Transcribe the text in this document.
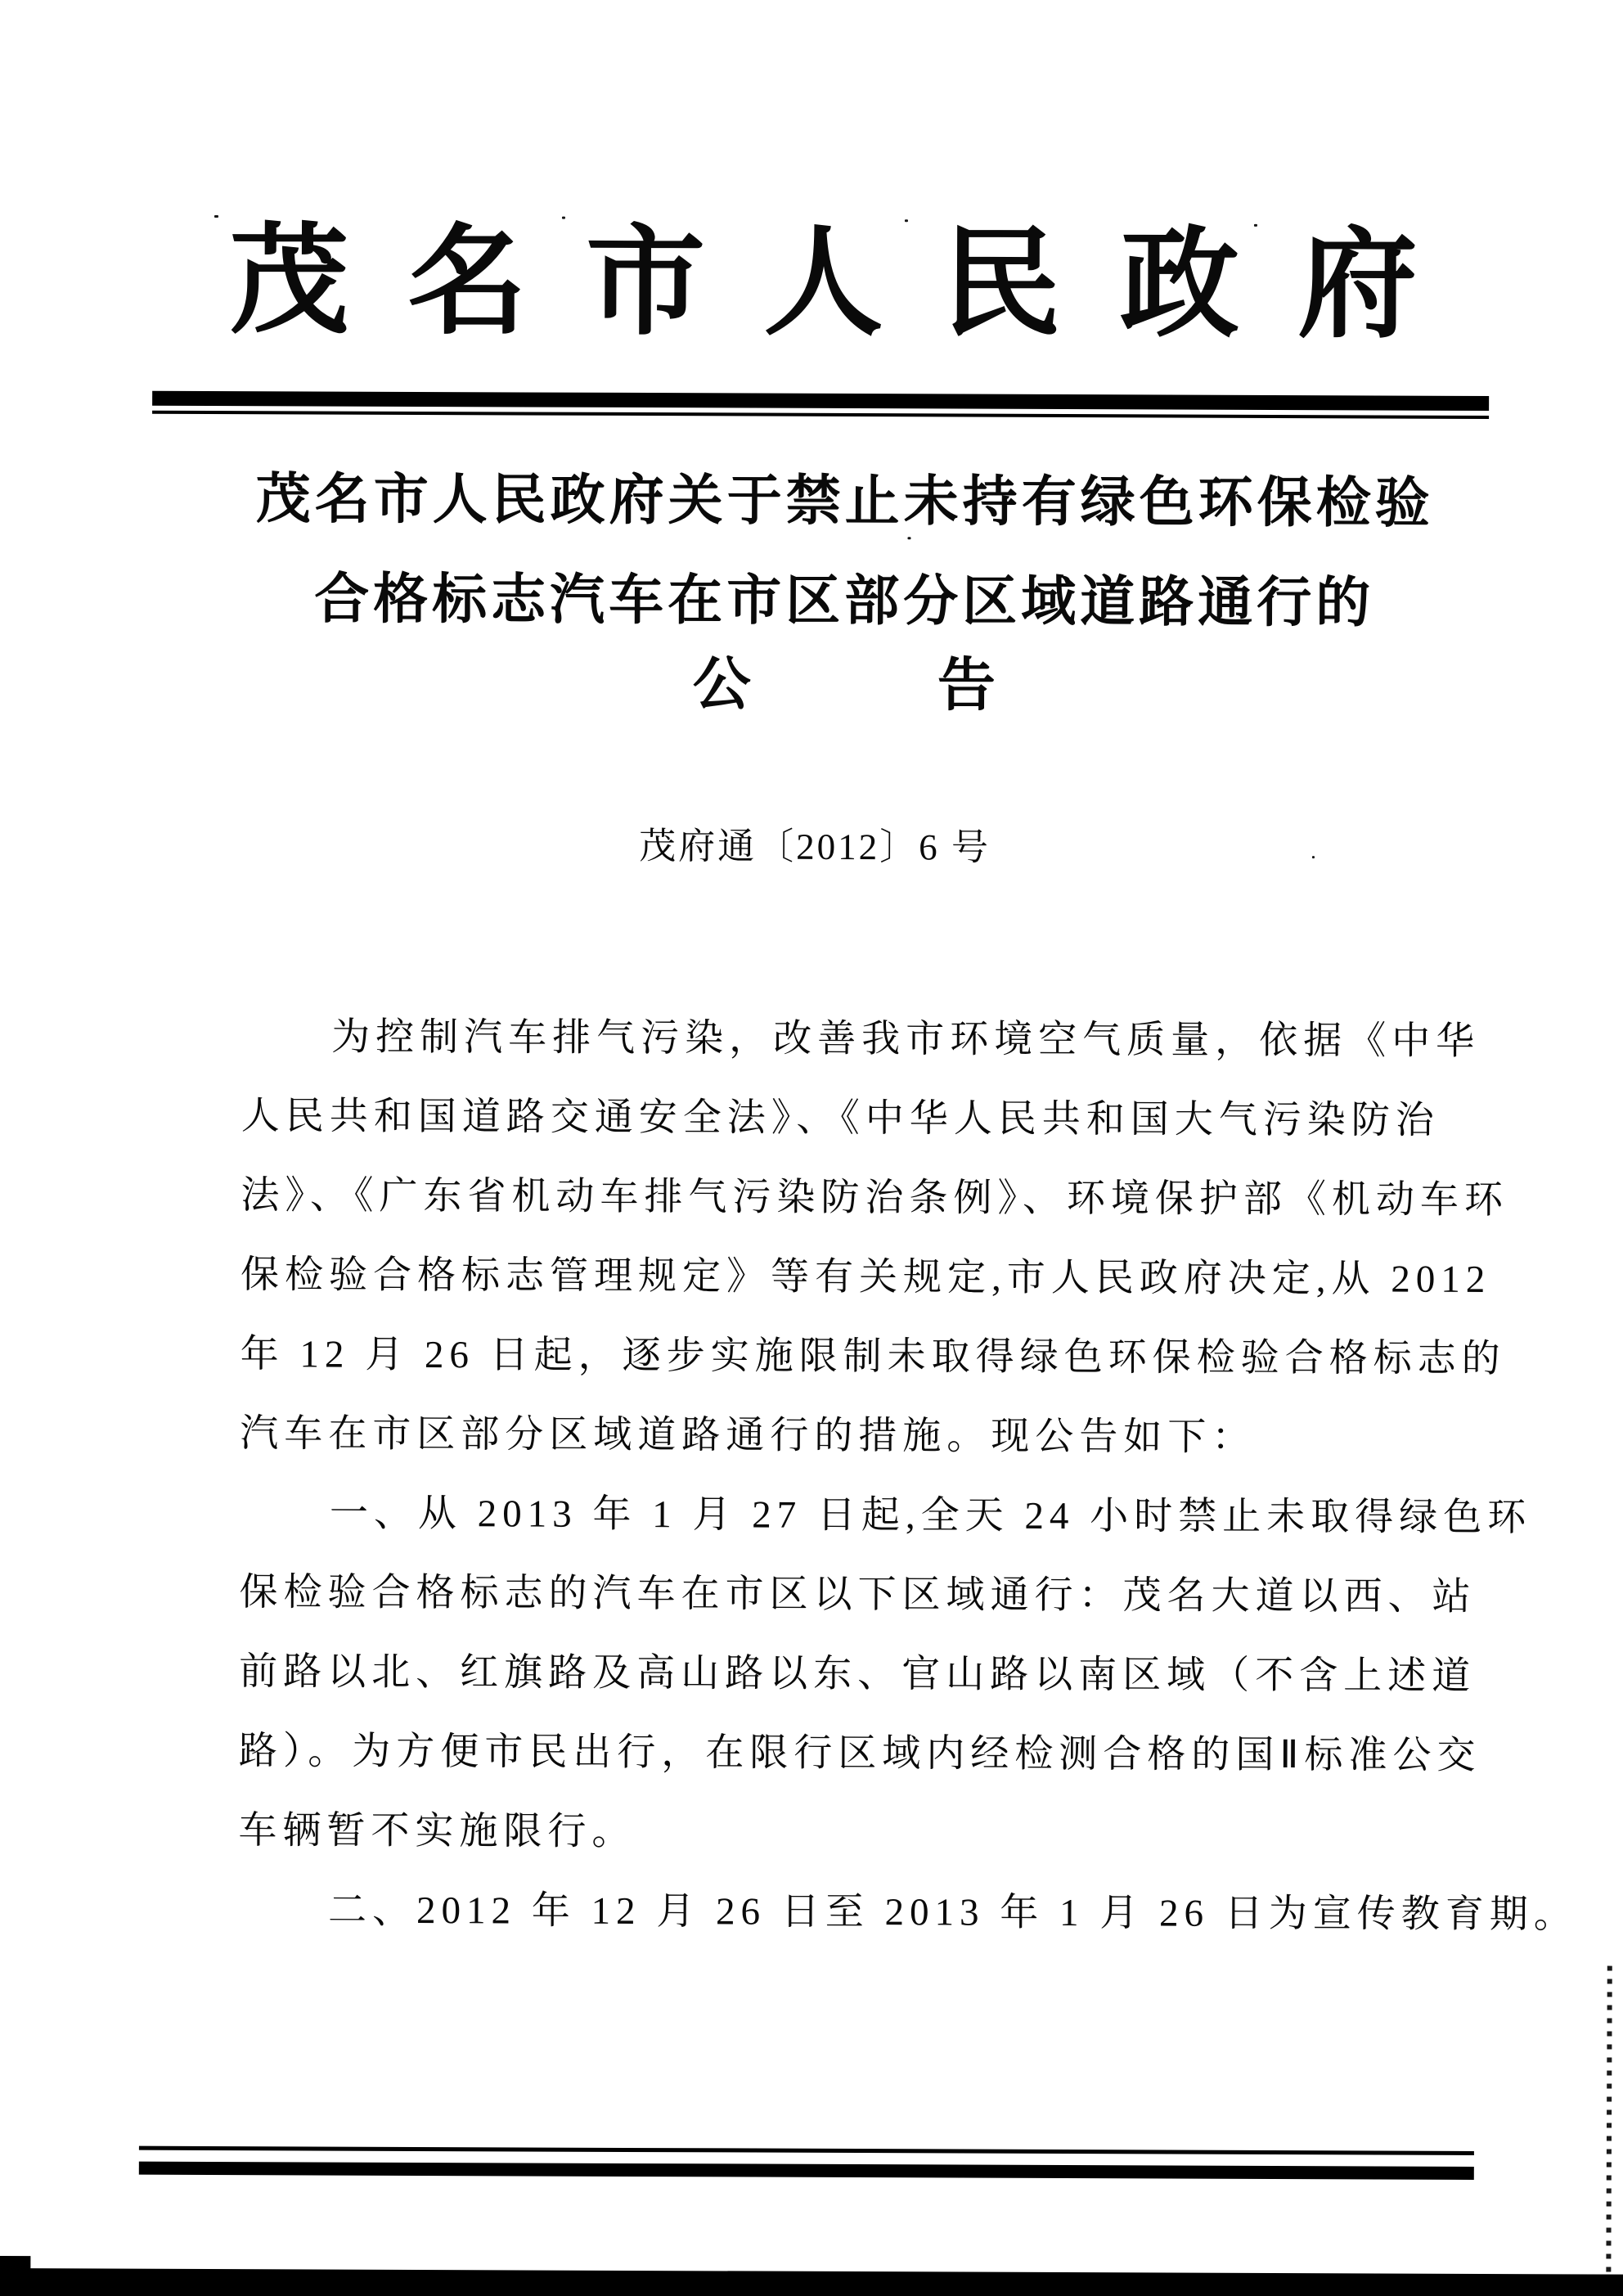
茂 名 市 人 民 政 府
茂名市人民政府关于禁止未持有绿色环保检验
合格标志汽车在市区部分区域道路通行的
公	告
茂府通〔2012〕6 号
为控制汽车排气污染，改善我市环境空气质量，依据《中华
人民共和国道路交通安全法》、《中华人民共和国大气污染防治
法》、《广东省机动车排气污染防治条例》、环境保护部《机动车环
保检验合格标志管理规定》等有关规定,市人民政府决定,从 2012
年 12 月 26 日起，逐步实施限制未取得绿色环保检验合格标志的
汽车在市区部分区域道路通行的措施。现公告如下：
一、从 2013 年 1 月 27 日起,全天 24 小时禁止未取得绿色环
保检验合格标志的汽车在市区以下区域通行：茂名大道以西、站
前路以北、红旗路及高山路以东、官山路以南区域（不含上述道
路）。为方便市民出行，在限行区域内经检测合格的国Ⅱ标准公交
车辆暂不实施限行。
二、2012 年 12 月 26 日至 2013 年 1 月 26 日为宣传教育期。
